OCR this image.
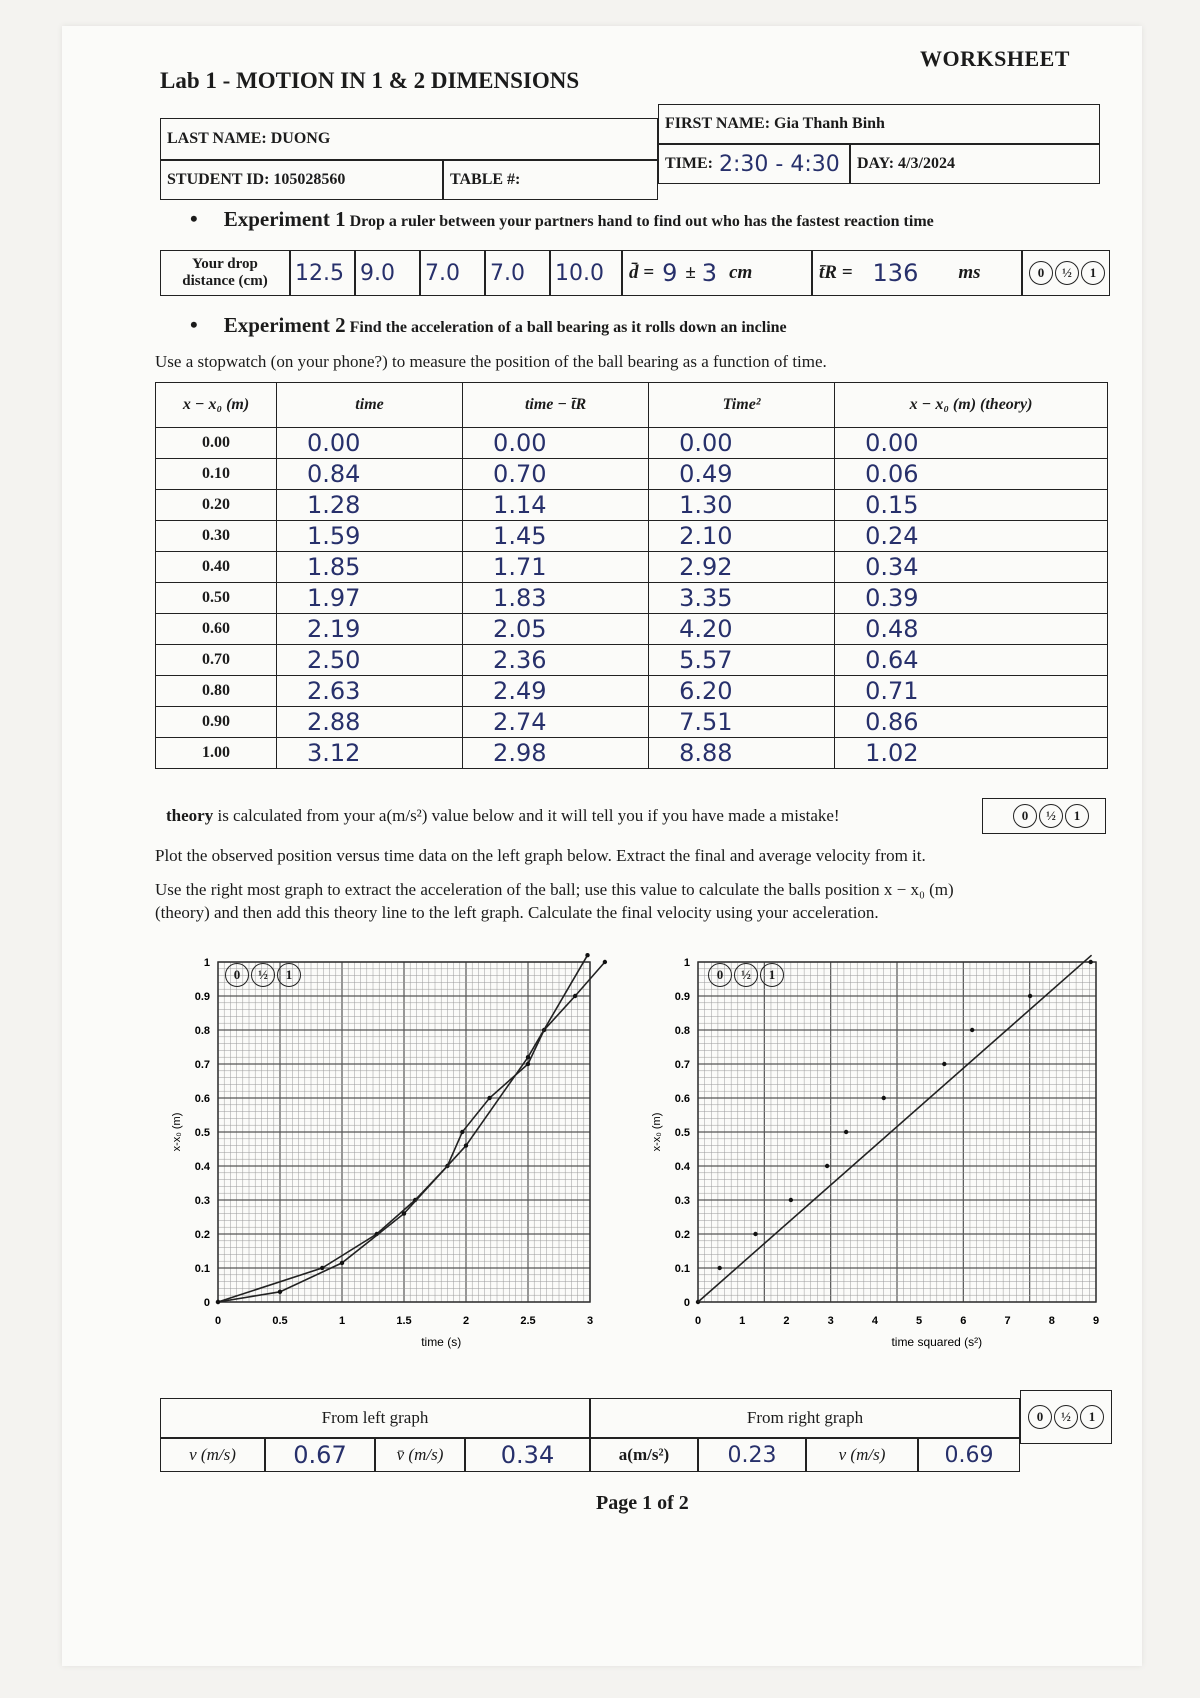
Lab 1 - MOTION IN 1 & 2 DIMENSIONS
WORKSHEET
LAST NAME: DUONG
FIRST NAME: Gia Thanh Binh
STUDENT ID: 105028560	TABLE #:
TIME: 2:30 - 4:30	DAY: 4/3/2024
• Experiment 1 Drop a ruler between your partners hand to find out who has the fastest reaction time
Your drop
distance (cm) 12.5 9.0	7.0	7.0	10.0	d̄ = 9 ± 3 cm	t̄R = 136 ms	0	½	1
• Experiment 2 Find the acceleration of a ball bearing as it rolls down an incline
Use a stopwatch (on your phone?) to measure the position of the ball bearing as a function of time.
x − x₀ (m)	time	time − t̄R	Time²	x − x₀ (m) (theory)
0.00	0.00	0.00	0.00	0.00
0.10	0.84	0.70	0.49	0.06
0.20	1.28	1.14	1.30	0.15
0.30	1.59	1.45	2.10	0.24
0.40	1.85	1.71	2.92	0.34
0.50	1.97	1.83	3.35	0.39
0.60	2.19	2.05	4.20	0.48
0.70	2.50	2.36	5.57	0.64
0.80	2.63	2.49	6.20	0.71
0.90	2.88	2.74	7.51	0.86
1.00	3.12	2.98	8.88	1.02
theory is calculated from your a(m/s²) value below and it will tell you if you have made a mistake!	0	½	1
Plot the observed position versus time data on the left graph below. Extract the final and average velocity from it.
Use the right most graph to extract the acceleration of the ball; use this value to calculate the balls position x − x₀ (m)
(theory) and then add this theory line to the left graph. Calculate the final velocity using your acceleration.
0	0.5	1	1.5	2	2.5	3
0
0.1
0.2
0.3
0.4
0.5
0.6
0.7
0.8
0.9
1
time (s)
x-x₀ (m)
0	1	2	3	4	5	6	7	8	9
0
0.1
0.2
0.3
0.4
0.5
0.6
0.7
0.8
0.9
1
time squared (s²)
x-x₀ (m)
0	½	1	0	½	1
From left graph	From right graph	0	½	1
v (m/s)	0.67	v̄ (m/s)	0.34	a(m/s²)	0.23	v (m/s)	0.69
Page 1 of 2
